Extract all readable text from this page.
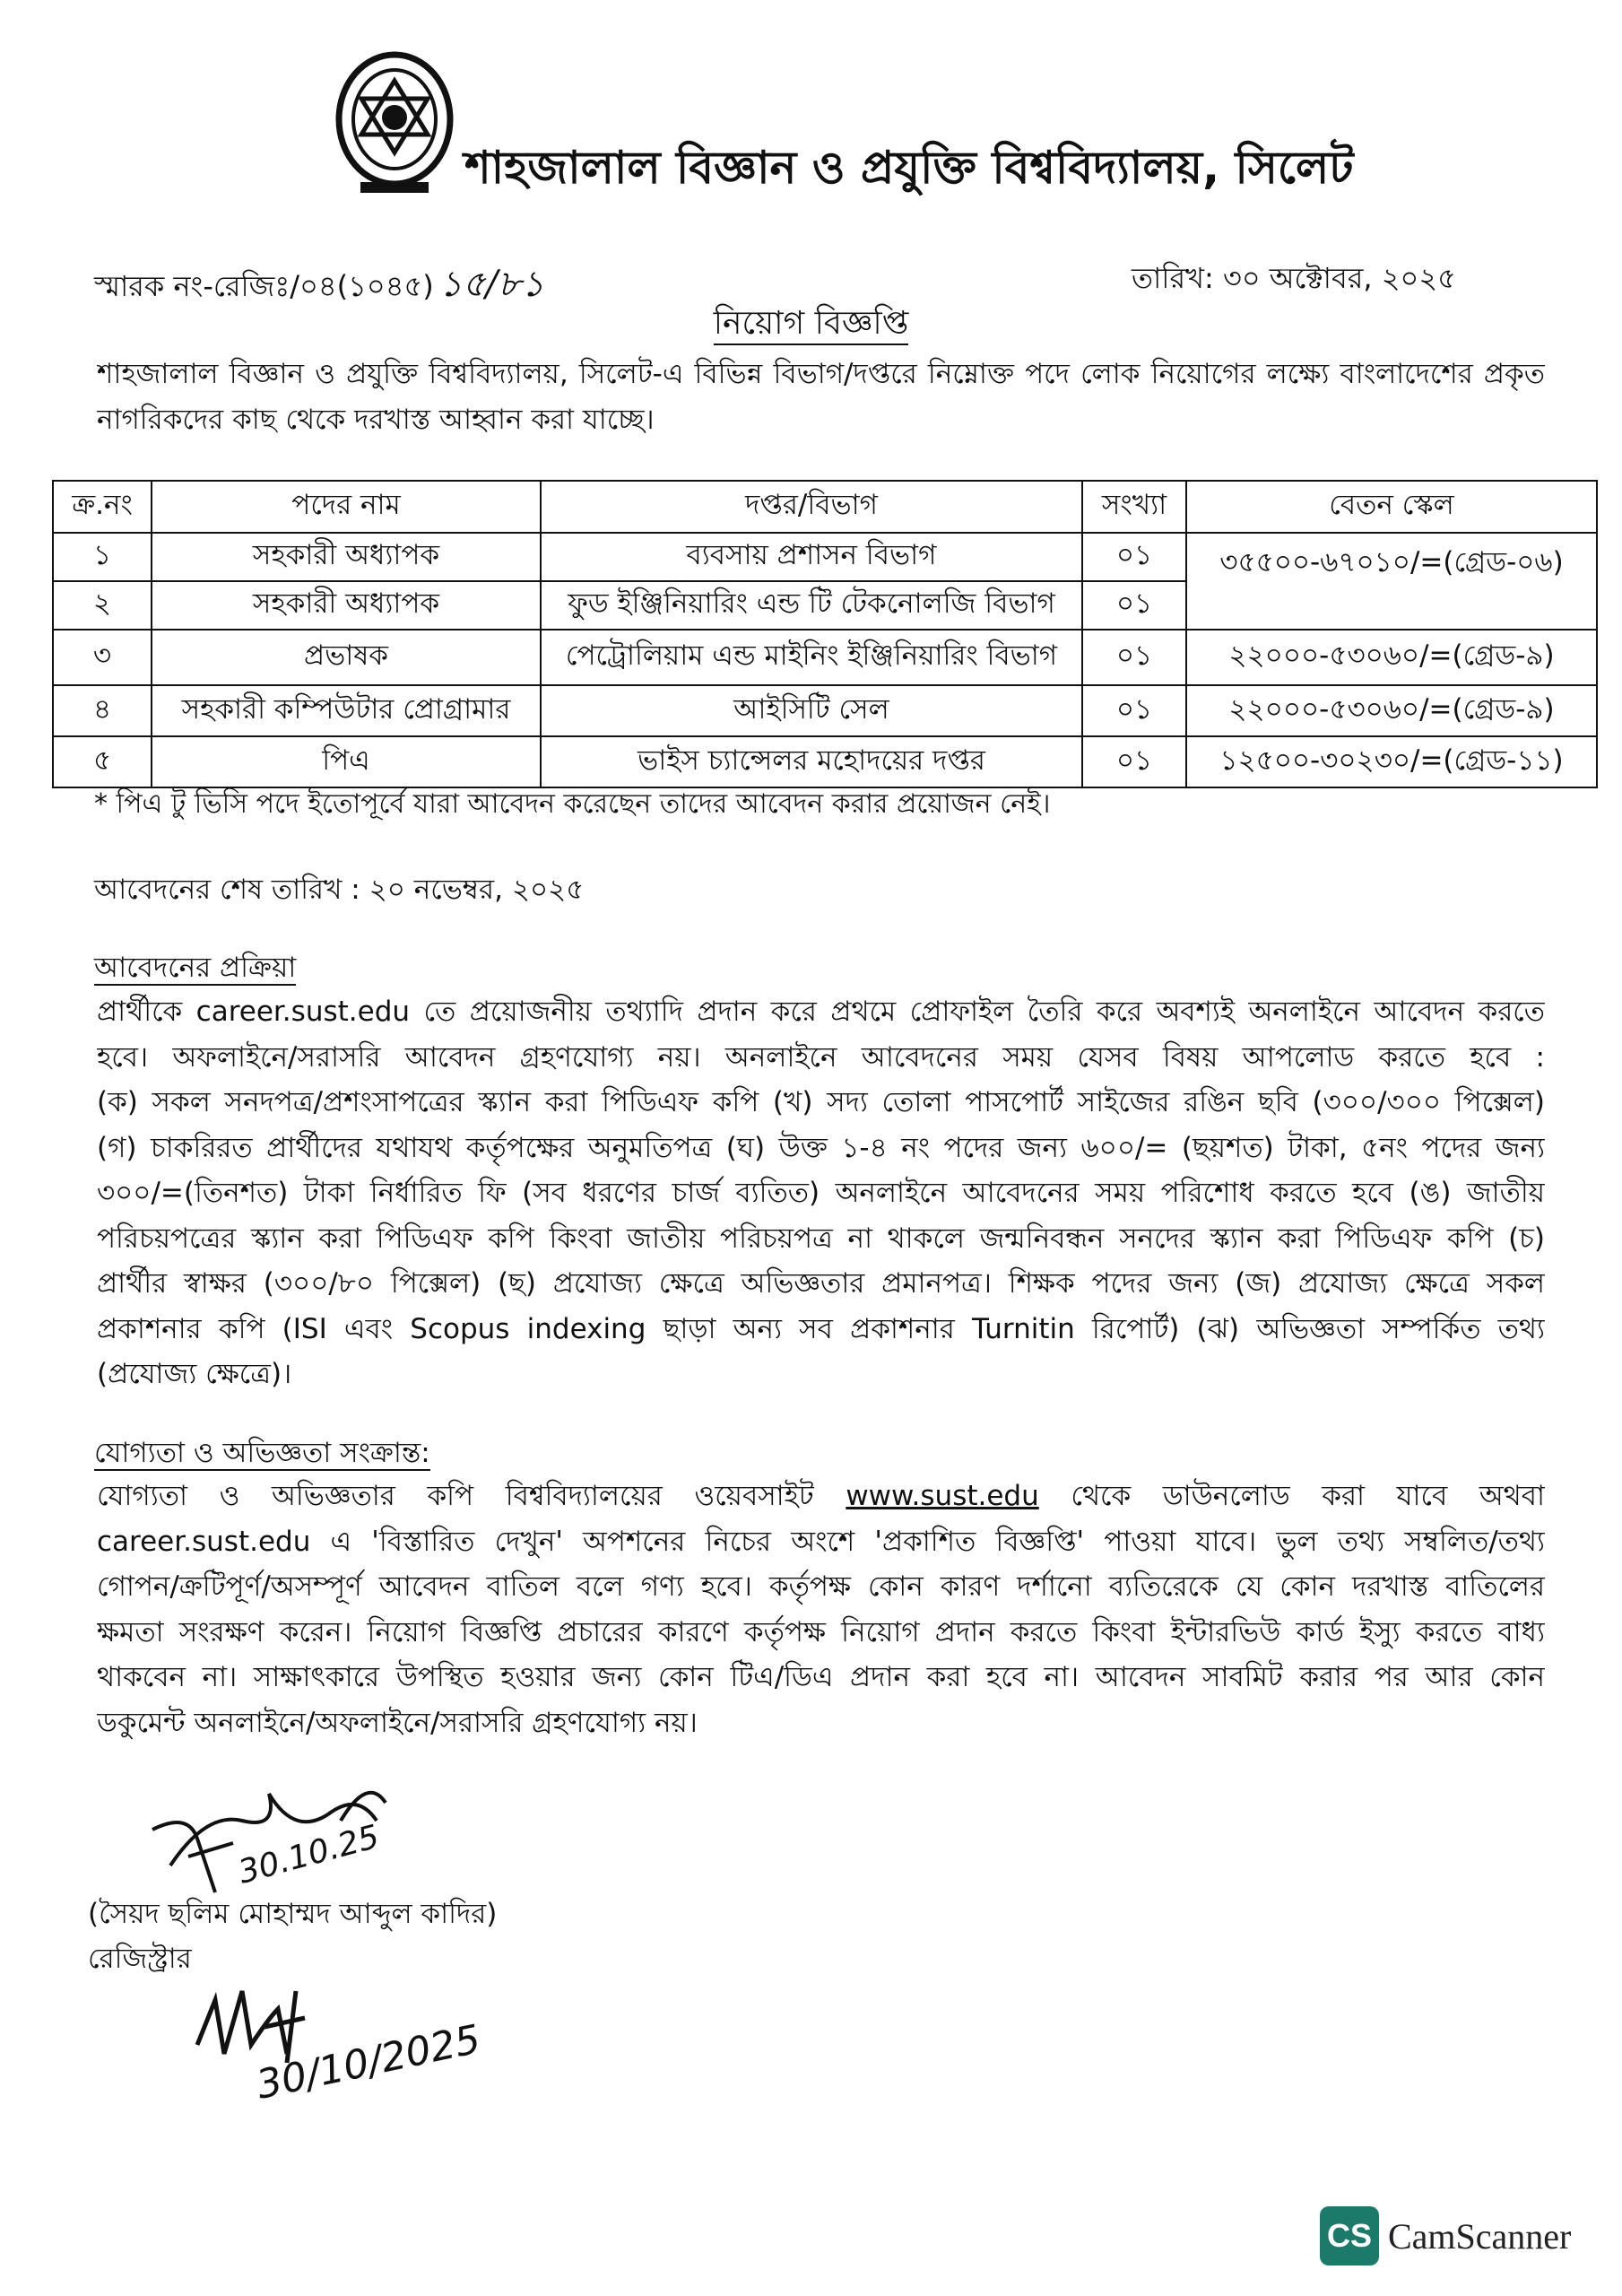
শাহজালাল বিজ্ঞান ও প্রযুক্তি বিশ্ববিদ্যালয়, সিলেট
স্মারক নং-রেজিঃ/০৪(১০৪৫) ১৫/৮১	তারিখ: ৩০ অক্টোবর, ২০২৫
নিয়োগ বিজ্ঞপ্তি
শাহজালাল বিজ্ঞান ও প্রযুক্তি বিশ্ববিদ্যালয়, সিলেট-এ বিভিন্ন বিভাগ/দপ্তরে নিম্নোক্ত পদে লোক নিয়োগের লক্ষ্যে বাংলাদেশের প্রকৃত
নাগরিকদের কাছ থেকে দরখাস্ত আহ্বান করা যাচ্ছে।
ক্র.নং	পদের নাম	দপ্তর/বিভাগ	সংখ্যা	বেতন স্কেল
১	সহকারী অধ্যাপক	ব্যবসায় প্রশাসন বিভাগ	০১	৩৫৫০০-৬৭০১০/=(গ্রেড-০৬)
২	সহকারী অধ্যাপক	ফুড ইঞ্জিনিয়ারিং এন্ড টি টেকনোলজি বিভাগ	০১	
৩	প্রভাষক	পেট্রোলিয়াম এন্ড মাইনিং ইঞ্জিনিয়ারিং বিভাগ	০১	২২০০০-৫৩০৬০/=(গ্রেড-৯)
৪	সহকারী কম্পিউটার প্রোগ্রামার	আইসিটি সেল	০১	২২০০০-৫৩০৬০/=(গ্রেড-৯)
৫	পিএ	ভাইস চ্যান্সেলর মহোদয়ের দপ্তর	০১	১২৫০০-৩০২৩০/=(গ্রেড-১১)
* পিএ টু ভিসি পদে ইতোপূর্বে যারা আবেদন করেছেন তাদের আবেদন করার প্রয়োজন নেই।
আবেদনের শেষ তারিখ : ২০ নভেম্বর, ২০২৫
আবেদনের প্রক্রিয়া
প্রার্থীকে career.sust.edu তে প্রয়োজনীয় তথ্যাদি প্রদান করে প্রথমে প্রোফাইল তৈরি করে অবশ্যই অনলাইনে আবেদন করতে
হবে। অফলাইনে/সরাসরি আবেদন গ্রহণযোগ্য নয়। অনলাইনে আবেদনের সময় যেসব বিষয় আপলোড করতে হবে :
(ক) সকল সনদপত্র/প্রশংসাপত্রের স্ক্যান করা পিডিএফ কপি (খ) সদ্য তোলা পাসপোর্ট সাইজের রঙিন ছবি (৩০০/৩০০ পিক্সেল)
(গ) চাকরিরত প্রার্থীদের যথাযথ কর্তৃপক্ষের অনুমতিপত্র (ঘ) উক্ত ১-৪ নং পদের জন্য ৬০০/= (ছয়শত) টাকা, ৫নং পদের জন্য
৩০০/=(তিনশত) টাকা নির্ধারিত ফি (সব ধরণের চার্জ ব্যতিত) অনলাইনে আবেদনের সময় পরিশোধ করতে হবে (ঙ) জাতীয়
পরিচয়পত্রের স্ক্যান করা পিডিএফ কপি কিংবা জাতীয় পরিচয়পত্র না থাকলে জন্মনিবন্ধন সনদের স্ক্যান করা পিডিএফ কপি (চ)
প্রার্থীর স্বাক্ষর (৩০০/৮০ পিক্সেল) (ছ) প্রযোজ্য ক্ষেত্রে অভিজ্ঞতার প্রমানপত্র। শিক্ষক পদের জন্য (জ) প্রযোজ্য ক্ষেত্রে সকল
প্রকাশনার কপি (ISI এবং Scopus indexing ছাড়া অন্য সব প্রকাশনার Turnitin রিপোর্ট) (ঝ) অভিজ্ঞতা সম্পর্কিত তথ্য
(প্রযোজ্য ক্ষেত্রে)।
যোগ্যতা ও অভিজ্ঞতা সংক্রান্ত:
যোগ্যতা ও অভিজ্ঞতার কপি বিশ্ববিদ্যালয়ের ওয়েবসাইট www.sust.edu থেকে ডাউনলোড করা যাবে অথবা
career.sust.edu এ 'বিস্তারিত দেখুন' অপশনের নিচের অংশে 'প্রকাশিত বিজ্ঞপ্তি' পাওয়া যাবে। ভুল তথ্য সম্বলিত/তথ্য
গোপন/ক্রটিপূর্ণ/অসম্পূর্ণ আবেদন বাতিল বলে গণ্য হবে। কর্তৃপক্ষ কোন কারণ দর্শানো ব্যতিরেকে যে কোন দরখাস্ত বাতিলের
ক্ষমতা সংরক্ষণ করেন। নিয়োগ বিজ্ঞপ্তি প্রচারের কারণে কর্তৃপক্ষ নিয়োগ প্রদান করতে কিংবা ইন্টারভিউ কার্ড ইস্যু করতে বাধ্য
থাকবেন না। সাক্ষাৎকারে উপস্থিত হওয়ার জন্য কোন টিএ/ডিএ প্রদান করা হবে না। আবেদন সাবমিট করার পর আর কোন
ডকুমেন্ট অনলাইনে/অফলাইনে/সরাসরি গ্রহণযোগ্য নয়।
30.10.25
(সৈয়দ ছলিম মোহাম্মদ আব্দুল কাদির)
রেজিস্ট্রার
30/10/2025
CS CamScanner
